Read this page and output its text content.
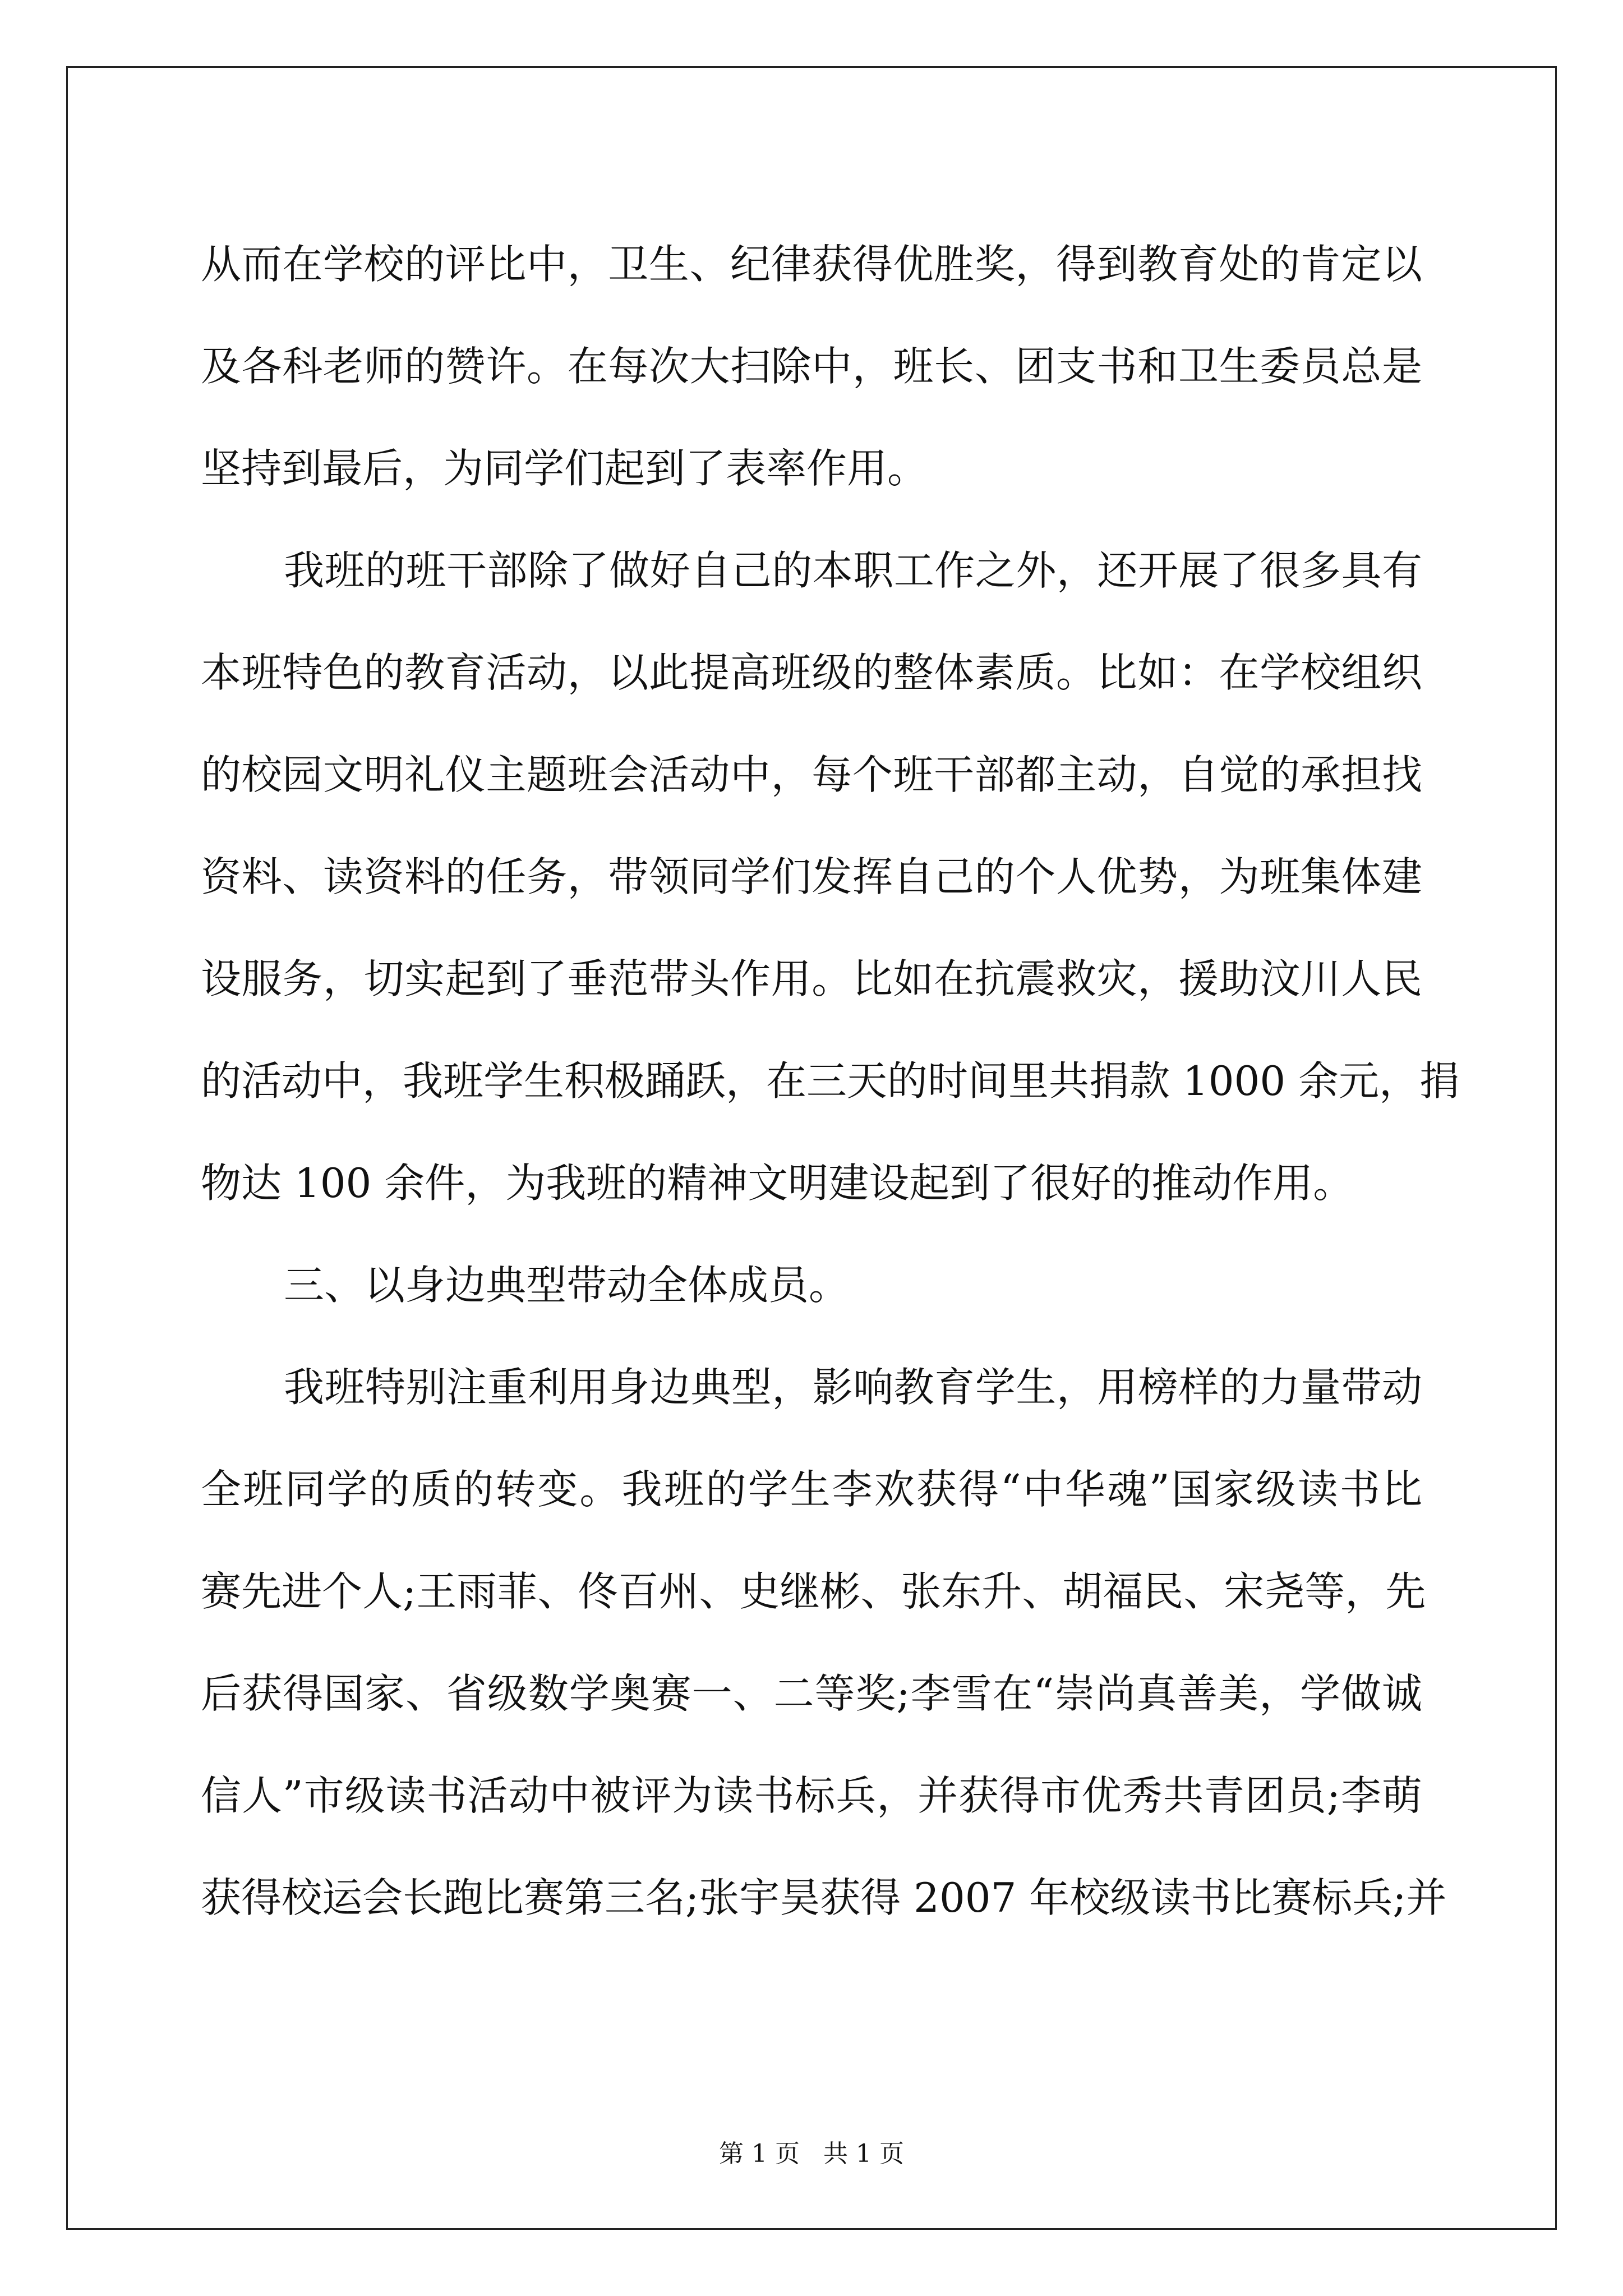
从而在学校的评比中，卫生、纪律获得优胜奖，得到教育处的肯定以
及各科老师的赞许。在每次大扫除中，班长、团支书和卫生委员总是
坚持到最后，为同学们起到了表率作用。
我班的班干部除了做好自己的本职工作之外，还开展了很多具有
本班特色的教育活动，以此提高班级的整体素质。比如：在学校组织
的校园文明礼仪主题班会活动中，每个班干部都主动，自觉的承担找
资料、读资料的任务，带领同学们发挥自己的个人优势，为班集体建
设服务，切实起到了垂范带头作用。比如在抗震救灾，援助汶川人民
的活动中，我班学生积极踊跃，在三天的时间里共捐款 1000 余元，捐
物达 100 余件，为我班的精神文明建设起到了很好的推动作用。
三、以身边典型带动全体成员。
我班特别注重利用身边典型，影响教育学生，用榜样的力量带动
全班同学的质的转变。我班的学生李欢获得“中华魂”国家级读书比
赛先进个人;王雨菲、佟百州、史继彬、张东升、胡福民、宋尧等，先
后获得国家、省级数学奥赛一、二等奖;李雪在“崇尚真善美，学做诚
信人”市级读书活动中被评为读书标兵，并获得市优秀共青团员;李萌
获得校运会长跑比赛第三名;张宇昊获得 2007 年校级读书比赛标兵;并
第 1 页 共 1 页
